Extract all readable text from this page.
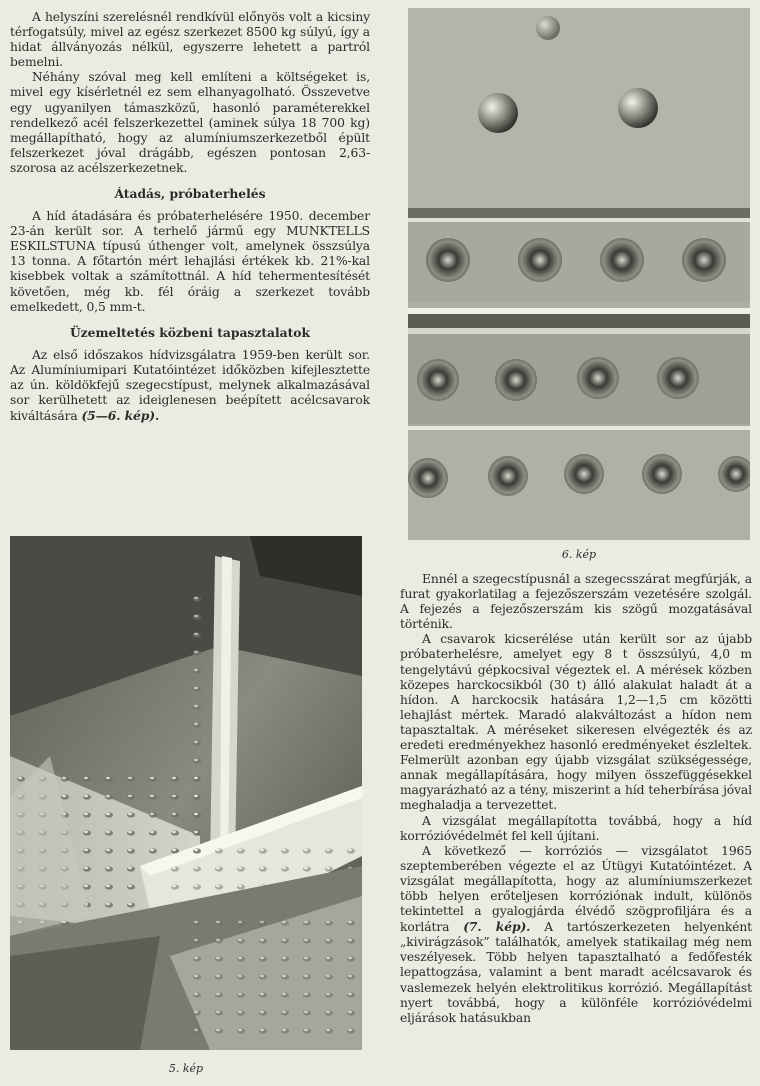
A helyszíni szerelésnél rendkívül előnyös volt a kicsiny térfogatsúly, mivel az egész szerkezet 8500 kg súlyú, így a hidat állványozás nélkül, egyszerre lehetett a partról bemelni.

Néhány szóval meg kell említeni a költségeket is, mivel egy kísérletnél ez sem elhanyagolható. Összevetve egy ugyanilyen támaszközű, hasonló paraméterekkel rendelkező acél felszerkezettel (aminek súlya 18 700 kg) megállapítható, hogy az alumíniumszerkezetből épült felszerkezet jóval drágább, egészen pontosan 2,63-szorosa az acélszerkezetnek.

Átadás, próbaterhelés

A híd átadására és próbaterhelésére 1950. december 23-án került sor. A terhelő jármű egy MUNKTELLS ESKILSTUNA típusú úthenger volt, amelynek összsúlya 13 tonna. A főtartón mért lehajlási értékek kb. 21%-kal kisebbek voltak a számítottnál. A híd tehermentesítését követően, még kb. fél óráig a szerkezet tovább emelkedett, 0,5 mm-t.

Üzemeltetés közbeni tapasztalatok

Az első időszakos hídvizsgálatra 1959-ben került sor. Az Alumíniumipari Kutatóintézet időközben kifejlesztette az ún. köldökfejű szegecstípust, melynek alkalmazásával sor kerülhetett az ideiglenesen beépített acélcsavarok kiváltására (5—6. kép).

5. kép
6. kép

Ennél a szegecstípusnál a szegecsszárat megfúrják, a furat gyakorlatilag a fejezőszerszám vezetésére szolgál. A fejezés a fejezőszerszám kis szögű mozgatásával történik.

A csavarok kicserélése után került sor az újabb próbaterhelésre, amelyet egy 8 t összsúlyú, 4,0 m tengelytávú gépkocsival végeztek el. A mérések közben közepes harckocsikból (30 t) álló alakulat haladt át a hídon. A harckocsik hatására 1,2—1,5 cm közötti lehajlást mértek. Maradó alakváltozást a hídon nem tapasztaltak. A méréseket sikeresen elvégezték és az eredeti eredményekhez hasonló eredményeket észleltek. Felmerült azonban egy újabb vizsgálat szükségessége, annak megállapítására, hogy milyen összefüggésekkel magyarázható az a tény, miszerint a híd teherbírása jóval meghaladja a tervezettet.

A vizsgálat megállapította továbbá, hogy a híd korrózióvédelmét fel kell újítani.

A következő — korróziós — vizsgálatot 1965 szeptemberében végezte el az Útügyi Kutatóintézet. A vizsgálat megállapította, hogy az alumíniumszerkezet több helyen erőteljesen korróziónak indult, különös tekintettel a gyalogjárda élvédő szögprofiljára és a korlátra (7. kép). A tartószerkezeten helyenként „kivirágzások” találhatók, amelyek statikailag még nem veszélyesek. Több helyen tapasztalható a fedőfesték lepattogzása, valamint a bent maradt acélcsavarok és vaslemezek helyén elektrolitikus korrózió. Megállapítást nyert továbbá, hogy a különféle korrózióvédelmi eljárások hatásukban
